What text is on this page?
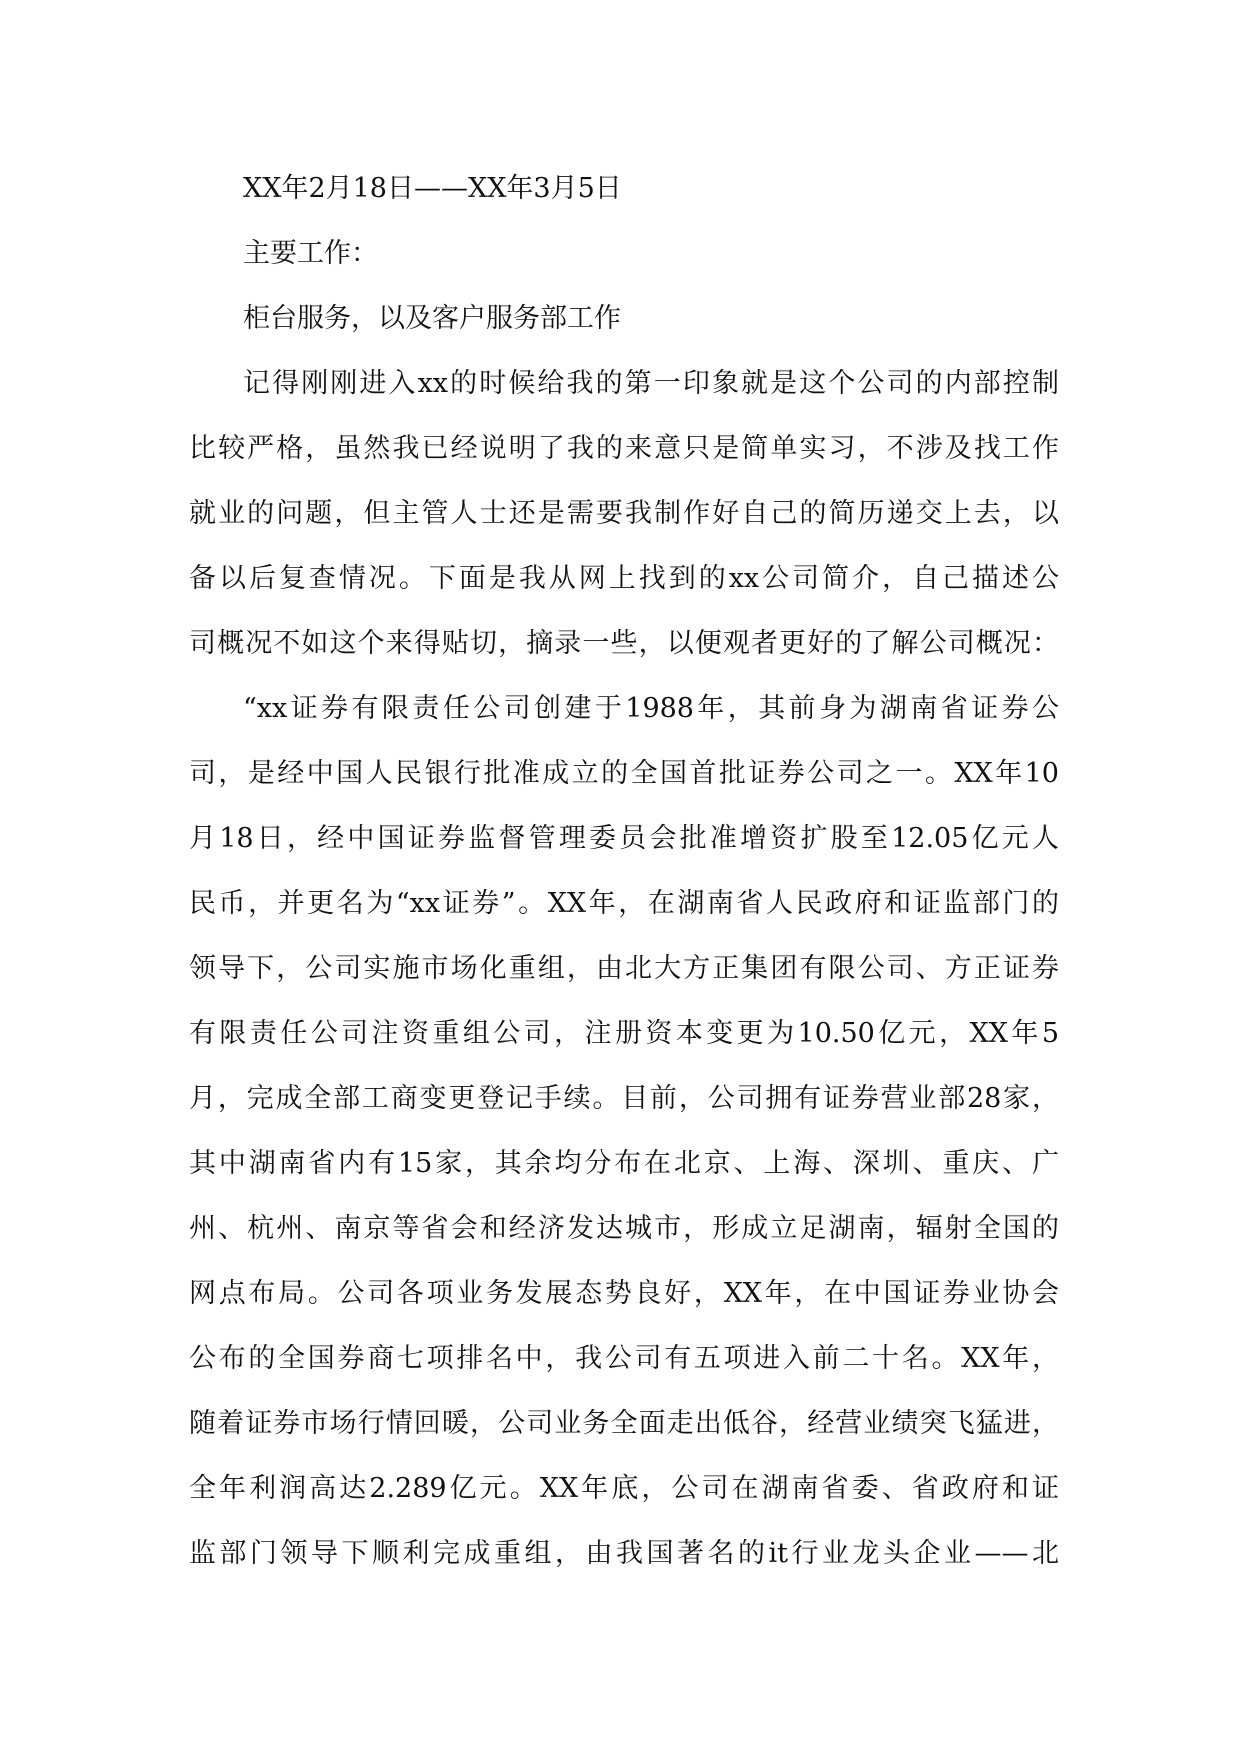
XX年2月18日——XX年3月5日
主要工作：
柜台服务，以及客户服务部工作
记得刚刚进入xx的时候给我的第一印象就是这个公司的内部控制
比较严格，虽然我已经说明了我的来意只是简单实习，不涉及找工作
就业的问题，但主管人士还是需要我制作好自己的简历递交上去，以
备以后复查情况。下面是我从网上找到的xx公司简介，自己描述公
司概况不如这个来得贴切，摘录一些，以便观者更好的了解公司概况：
“xx证券有限责任公司创建于1988年，其前身为湖南省证券公
司，是经中国人民银行批准成立的全国首批证券公司之一。XX年10
月18日，经中国证券监督管理委员会批准增资扩股至12.05亿元人
民币，并更名为“xx证券”。XX年，在湖南省人民政府和证监部门的
领导下，公司实施市场化重组，由北大方正集团有限公司、方正证券
有限责任公司注资重组公司，注册资本变更为10.50亿元，XX年5
月，完成全部工商变更登记手续。目前，公司拥有证券营业部28家，
其中湖南省内有15家，其余均分布在北京、上海、深圳、重庆、广
州、杭州、南京等省会和经济发达城市，形成立足湖南，辐射全国的
网点布局。公司各项业务发展态势良好，XX年，在中国证券业协会
公布的全国券商七项排名中，我公司有五项进入前二十名。XX年，
随着证券市场行情回暖，公司业务全面走出低谷，经营业绩突飞猛进，
全年利润高达2.289亿元。XX年底，公司在湖南省委、省政府和证
监部门领导下顺利完成重组，由我国著名的it行业龙头企业——北
